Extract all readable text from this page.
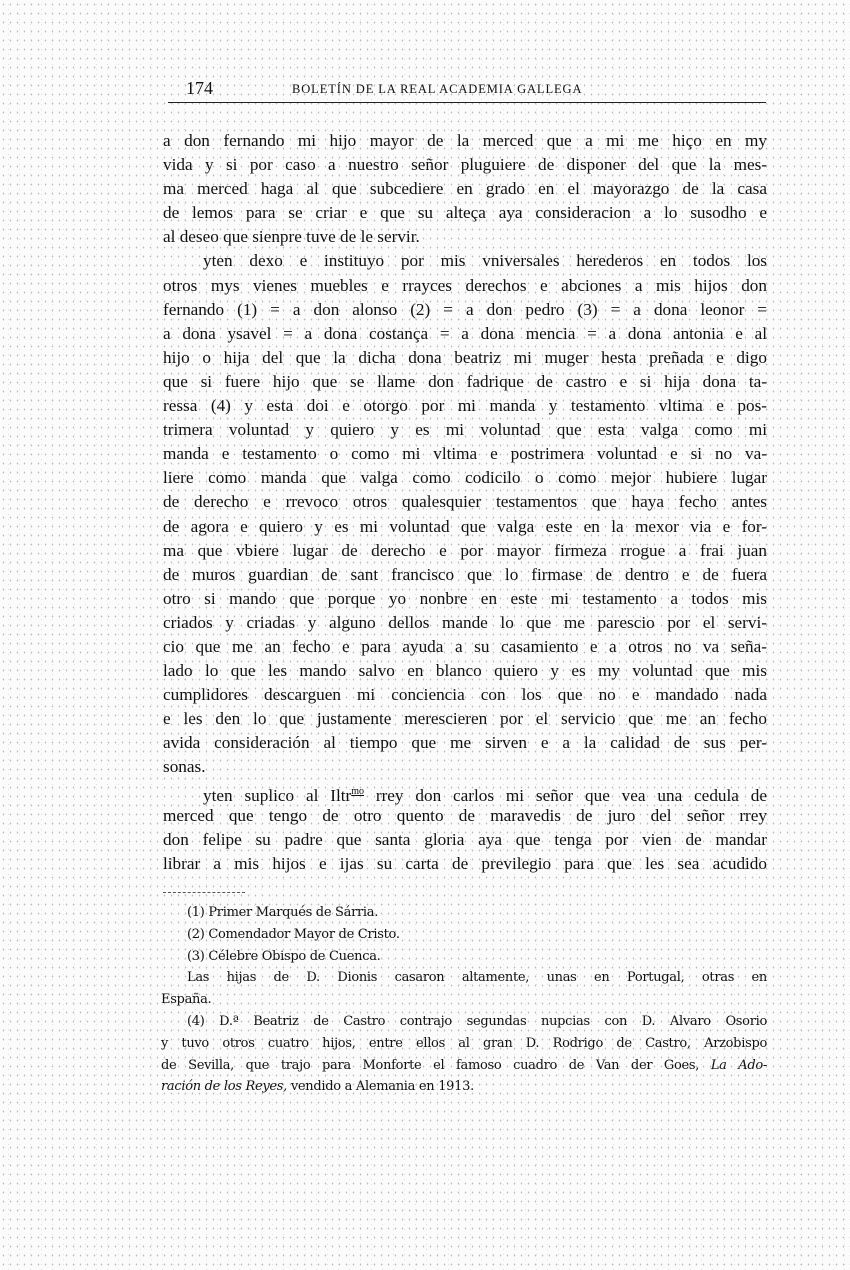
174	BOLETÍN DE LA REAL ACADEMIA GALLEGA
a don fernando mi hijo mayor de la merced que a mi me hiço en my
vida y si por caso a nuestro señor pluguiere de disponer del que la mes-
ma merced haga al que subcediere en grado en el mayorazgo de la casa
de lemos para se criar e que su alteça aya consideracion a lo susodho e
al deseo que sienpre tuve de le servir.
yten dexo e instituyo por mis vniversales herederos en todos los
otros mys vienes muebles e rrayces derechos e abciones a mis hijos don
fernando (1) = a don alonso (2) = a don pedro (3) = a dona leonor =
a dona ysavel = a dona costança = a dona mencia = a dona antonia e al
hijo o hija del que la dicha dona beatriz mi muger hesta preñada e digo
que si fuere hijo que se llame don fadrique de castro e si hija dona ta-
ressa (4) y esta doi e otorgo por mi manda y testamento vltima e pos-
trimera voluntad y quiero y es mi voluntad que esta valga como mi
manda e testamento o como mi vltima e postrimera voluntad e si no va-
liere como manda que valga como codicilo o como mejor hubiere lugar
de derecho e rrevoco otros qualesquier testamentos que haya fecho antes
de agora e quiero y es mi voluntad que valga este en la mexor via e for-
ma que vbiere lugar de derecho e por mayor firmeza rrogue a frai juan
de muros guardian de sant francisco que lo firmase de dentro e de fuera
otro si mando que porque yo nonbre en este mi testamento a todos mis
criados y criadas y alguno dellos mande lo que me parescio por el servi-
cio que me an fecho e para ayuda a su casamiento e a otros no va seña-
lado lo que les mando salvo en blanco quiero y es my voluntad que mis
cumplidores descarguen mi conciencia con los que no e mandado nada
e les den lo que justamente merescieren por el servicio que me an fecho
avida consideración al tiempo que me sirven e a la calidad de sus per-
sonas.
yten suplico al Iltr$^{mo}$ rrey don carlos mi señor que vea una cedula de
merced que tengo de otro quento de maravedis de juro del señor rrey
don felipe su padre que santa gloria aya que tenga por vien de mandar
librar a mis hijos e ijas su carta de previlegio para que les sea acudido
(1) Primer Marqués de Sárria.
(2) Comendador Mayor de Cristo.
(3) Célebre Obispo de Cuenca.
Las hijas de D. Dionis casaron altamente, unas en Portugal, otras en
España.
(4) D.ª Beatriz de Castro contrajo segundas nupcias con D. Alvaro Osorio
y tuvo otros cuatro hijos, entre ellos al gran D. Rodrigo de Castro, Arzobispo
de Sevilla, que trajo para Monforte el famoso cuadro de Van der Goes, La Ado-
ración de los Reyes, vendido a Alemania en 1913.
